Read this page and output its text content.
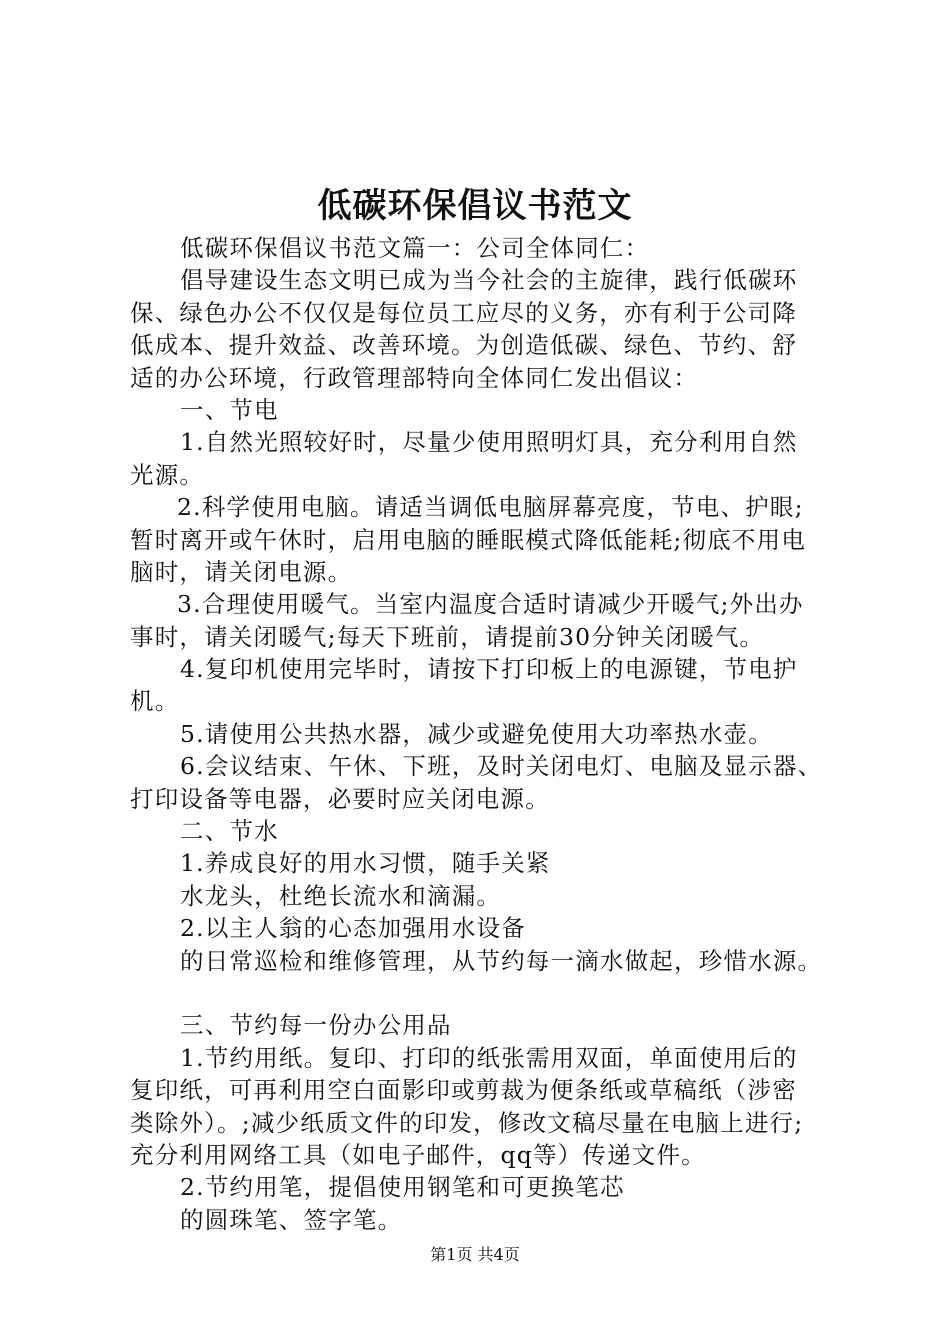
低碳环保倡议书范文
低碳环保倡议书范文篇一：公司全体同仁：
倡导建设生态文明已成为当今社会的主旋律，践行低碳环
保、绿色办公不仅仅是每位员工应尽的义务，亦有利于公司降
低成本、提升效益、改善环境。为创造低碳、绿色、节约、舒
适的办公环境，行政管理部特向全体同仁发出倡议：
一、节电
1.自然光照较好时，尽量少使用照明灯具，充分利用自然
光源。
2.科学使用电脑。请适当调低电脑屏幕亮度，节电、护眼;
暂时离开或午休时，启用电脑的睡眠模式降低能耗;彻底不用电
脑时，请关闭电源。
3.合理使用暖气。当室内温度合适时请减少开暖气;外出办
事时，请关闭暖气;每天下班前，请提前30分钟关闭暖气。
4.复印机使用完毕时，请按下打印板上的电源键，节电护
机。
5.请使用公共热水器，减少或避免使用大功率热水壶。
6.会议结束、午休、下班，及时关闭电灯、电脑及显示器、
打印设备等电器，必要时应关闭电源。
二、节水
1.养成良好的用水习惯，随手关紧
水龙头，杜绝长流水和滴漏。
2.以主人翁的心态加强用水设备
的日常巡检和维修管理，从节约每一滴水做起，珍惜水源。
三、节约每一份办公用品
1.节约用纸。复印、打印的纸张需用双面，单面使用后的
复印纸，可再利用空白面影印或剪裁为便条纸或草稿纸（涉密
类除外）。;减少纸质文件的印发，修改文稿尽量在电脑上进行;
充分利用网络工具（如电子邮件，qq等）传递文件。
2.节约用笔，提倡使用钢笔和可更换笔芯
的圆珠笔、签字笔。
第1页 共4页
